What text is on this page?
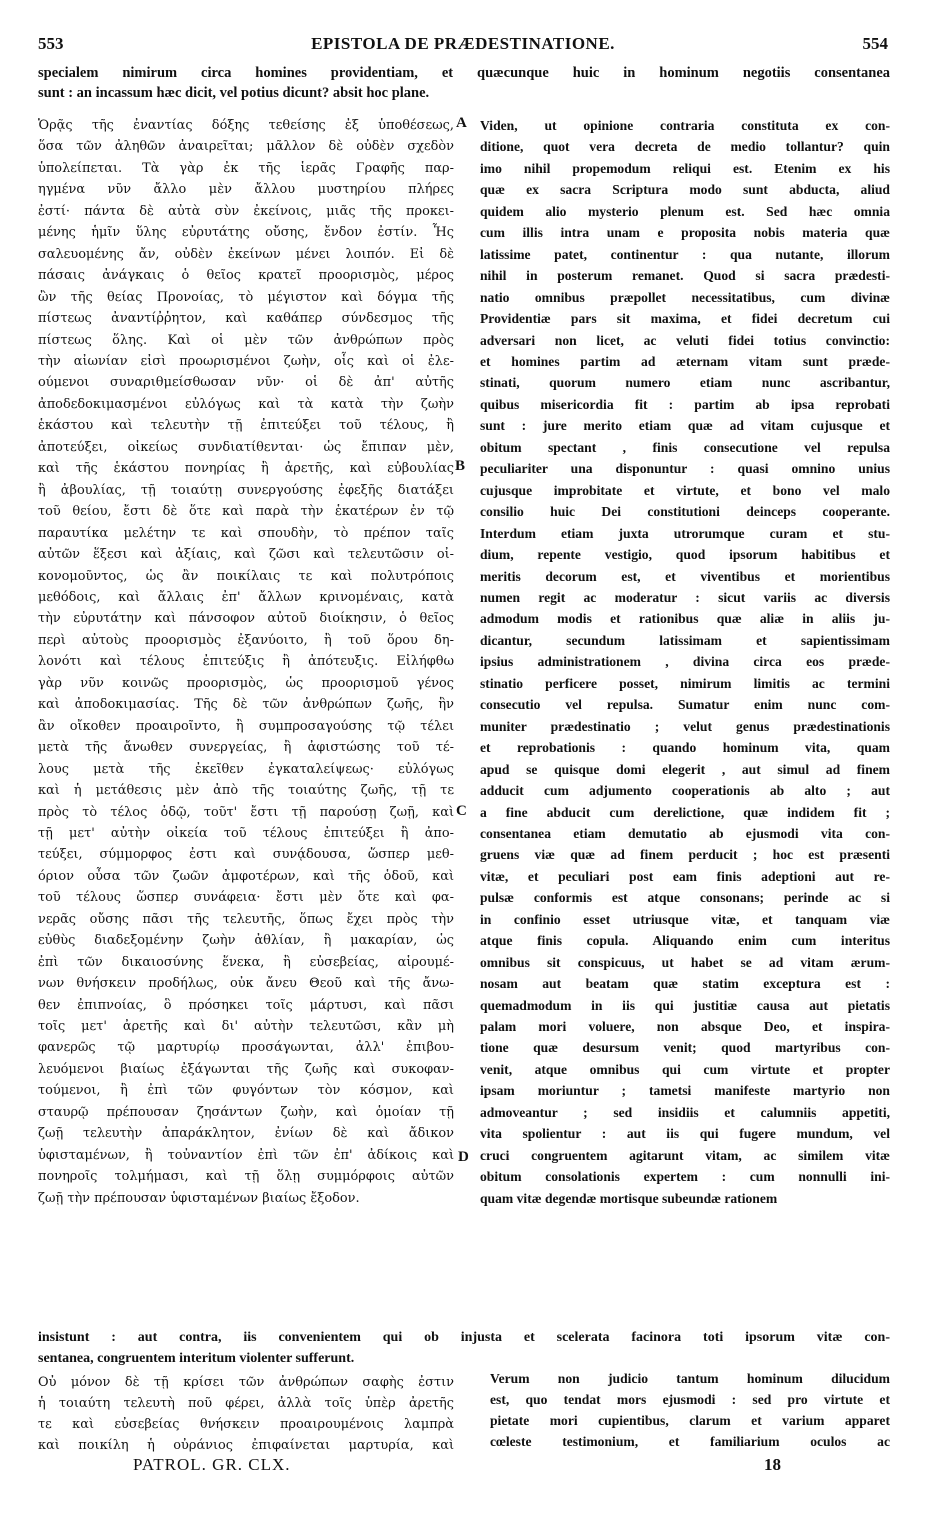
553	EPISTOLA DE PRÆDESTINATIONE.	554
specialem nimirum circa homines providentiam, et quæcunque huic in hominum negotiis consentanea
sunt : an incassum hæc dicit, vel potius dicunt? absit hoc plane.
Ὁρᾷς τῆς ἐναντίας δόξης τεθείσης ἐξ ὑποθέσεως,
ὅσα τῶν ἀληθῶν ἀναιρεῖται; μᾶλλον δὲ οὐδὲν σχεδὸν
ὑπολείπεται. Τὰ γὰρ ἐκ τῆς ἱερᾶς Γραφῆς παρ-
ηγμένα νῦν ἄλλο μὲν ἄλλου μυστηρίου πλήρες
ἐστί· πάντα δὲ αὐτὰ σὺν ἐκείνοις, μιᾶς τῆς προκει-
μένης ἡμῖν ὕλης εὐρυτάτης οὔσης, ἔνδον ἐστίν. Ἧς
σαλευομένης ἄν, οὐδὲν ἐκείνων μένει λοιπόν. Εἰ δὲ
πάσαις ἀνάγκαις ὁ θεῖος κρατεῖ προορισμὸς, μέρος
ὢν τῆς θείας Προνοίας, τὸ μέγιστον καὶ δόγμα τῆς
πίστεως ἀναντίῤῥητον, καὶ καθάπερ σύνδεσμος τῆς
πίστεως ὅλης. Καὶ οἱ μὲν τῶν ἀνθρώπων πρὸς
τὴν αἰωνίαν εἰσὶ προωρισμένοι ζωὴν, οἷς καὶ οἱ ἐλε-
ούμενοι συναριθμείσθωσαν νῦν· οἱ δὲ ἀπ' αὐτῆς
ἀποδεδοκιμασμένοι εὐλόγως καὶ τὰ κατὰ τὴν ζωὴν
ἑκάστου καὶ τελευτὴν τῇ ἐπιτεύξει τοῦ τέλους, ἢ
ἀποτεύξει, οἰκείως συνδιατίθενται· ὡς ἔπιπαν μὲν,
καὶ τῆς ἑκάστου πονηρίας ἢ ἀρετῆς, καὶ εὐβουλίας
ἢ ἀβουλίας, τῇ τοιαύτῃ συνεργούσης ἐφεξῆς διατάξει
τοῦ θείου, ἔστι δὲ ὅτε καὶ παρὰ τὴν ἑκατέρων ἐν τῷ
παραυτίκα μελέτην τε καὶ σπουδὴν, τὸ πρέπον ταῖς
αὐτῶν ἕξεσι καὶ ἀξίαις, καὶ ζῶσι καὶ τελευτῶσιν οἰ-
κονομοῦντος, ὡς ἂν ποικίλαις τε καὶ πολυτρόποις
μεθόδοις, καὶ ἄλλαις ἐπ' ἄλλων κρινομέναις, κατὰ
τὴν εὐρυτάτην καὶ πάνσοφον αὐτοῦ διοίκησιν, ὁ θεῖος
περὶ αὐτοὺς προορισμὸς ἐξανύοιτο, ἢ τοῦ ὅρου δη-
λονότι καὶ τέλους ἐπιτεύξις ἢ ἀπότευξις. Εἰλήφθω
γὰρ νῦν κοινῶς προορισμὸς, ὡς προορισμοῦ γένος
καὶ ἀποδοκιμασίας. Τῆς δὲ τῶν ἀνθρώπων ζωῆς, ἣν
ἂν οἴκοθεν προαιροῖντο, ἢ συμπροσαγούσης τῷ τέλει
μετὰ τῆς ἄνωθεν συνεργείας, ἢ ἀφιστώσης τοῦ τέ-
λους μετὰ τῆς ἐκεῖθεν ἐγκαταλείψεως· εὐλόγως
καὶ ἡ μετάθεσις μὲν ἀπὸ τῆς τοιαύτης ζωῆς, τῇ τε
πρὸς τὸ τέλος ὁδῷ, τοῦτ' ἔστι τῇ παρούσῃ ζωῇ, καὶ
τῇ μετ' αὐτὴν οἰκεία τοῦ τέλους ἐπιτεύξει ἢ ἀπο-
τεύξει, σύμμορφος ἐστι καὶ συνᾴδουσα, ὥσπερ μεθ-
όριον οὖσα τῶν ζωῶν ἀμφοτέρων, καὶ τῆς ὁδοῦ, καὶ
τοῦ τέλους ὥσπερ συνάφεια· ἔστι μὲν ὅτε καὶ φα-
νερᾶς οὔσης πᾶσι τῆς τελευτῆς, ὅπως ἔχει πρὸς τὴν
εὐθὺς διαδεξομένην ζωὴν ἀθλίαν, ἢ μακαρίαν, ὡς
ἐπὶ τῶν δικαιοσύνης ἕνεκα, ἢ εὐσεβείας, αἱρουμέ-
νων θνήσκειν προδήλως, οὐκ ἄνευ Θεοῦ καὶ τῆς ἄνω-
θεν ἐπιπνοίας, ὃ πρόσηκει τοῖς μάρτυσι, καὶ πᾶσι
τοῖς μετ' ἀρετῆς καὶ δι' αὐτὴν τελευτῶσι, κἂν μὴ
φανερῶς τῷ μαρτυρίῳ προσάγωνται, ἀλλ' ἐπιβου-
λευόμενοι βιαίως ἐξάγωνται τῆς ζωῆς καὶ συκοφαν-
τούμενοι, ἢ ἐπὶ τῶν φυγόντων τὸν κόσμον, καὶ
σταυρῷ πρέπουσαν ζησάντων ζωὴν, καὶ ὁμοίαν τῇ
ζωῇ τελευτὴν ἀπαράκλητον, ἐνίων δὲ καὶ ἄδικον
ὑφισταμένων, ἢ τοὐναντίον ἐπὶ τῶν ἐπ' ἀδίκοις καὶ
πονηροῖς τολμήμασι, καὶ τῇ ὅλῃ συμμόρφοις αὐτῶν
ζωῇ τὴν πρέπουσαν ὑφισταμένων βιαίως ἔξοδον.
Viden, ut opinione contraria constituta ex con-
ditione, quot vera decreta de medio tollantur? quin
imo nihil propemodum reliqui est. Etenim ex his
quæ ex sacra Scriptura modo sunt abducta, aliud
quidem alio mysterio plenum est. Sed hæc omnia
cum illis intra unam e proposita nobis materia quæ
latissime patet, continentur : qua nutante, illorum
nihil in posterum remanet. Quod si sacra prædesti-
natio omnibus præpollet necessitatibus, cum divinæ
Providentiæ pars sit maxima, et fidei decretum cui
adversari non licet, ac veluti fidei totius convinctio:
et homines partim ad æternam vitam sunt præde-
stinati, quorum numero etiam nunc ascribantur,
quibus misericordia fit : partim ab ipsa reprobati
sunt : jure merito etiam quæ ad vitam cujusque et
obitum spectant , finis consecutione vel repulsa
peculiariter una disponuntur : quasi omnino unius
cujusque improbitate et virtute, et bono vel malo
consilio huic Dei constitutioni deinceps cooperante.
Interdum etiam juxta utrorumque curam et stu-
dium, repente vestigio, quod ipsorum habitibus et
meritis decorum est, et viventibus et morientibus
numen regit ac moderatur : sicut variis ac diversis
admodum modis et rationibus quæ aliæ in aliis ju-
dicantur, secundum latissimam et sapientissimam
ipsius administrationem , divina circa eos præde-
stinatio perficere posset, nimirum limitis ac termini
consecutio vel repulsa. Sumatur enim nunc com-
muniter prædestinatio ; velut genus prædestinationis
et reprobationis : quando hominum vita, quam
apud se quisque domi elegerit , aut simul ad finem
adducit cum adjumento cooperationis ab alto ; aut
a fine abducit cum derelictione, quæ indidem fit ;
consentanea etiam demutatio ab ejusmodi vita con-
gruens viæ quæ ad finem perducit ; hoc est præsenti
vitæ, et peculiari post eam finis adeptioni aut re-
pulsæ conformis est atque consonans; perinde ac si
in confinio esset utriusque vitæ, et tanquam viæ
atque finis copula. Aliquando enim cum interitus
omnibus sit conspicuus, ut habet se ad vitam ærum-
nosam aut beatam quæ statim exceptura est :
quemadmodum in iis qui justitiæ causa aut pietatis
palam mori voluere, non absque Deo, et inspira-
tione quæ desursum venit; quod martyribus con-
venit, atque omnibus qui cum virtute et propter
ipsam moriuntur ; tametsi manifeste martyrio non
admoveantur ; sed insidiis et calumniis appetiti,
vita spolientur : aut iis qui fugere mundum, vel
cruci congruentem agitarunt vitam, ac similem vitæ
obitum consolationis expertem : cum nonnulli ini-
quam vitæ degendæ mortisque subeundæ rationem
A
B
C
D
insistunt : aut contra, iis convenientem qui ob injusta et scelerata facinora toti ipsorum vitæ con-
sentanea, congruentem interitum violenter sufferunt.
Οὐ μόνον δὲ τῇ κρίσει τῶν ἀνθρώπων σαφὴς ἐστιν
ἡ τοιαύτη τελευτὴ ποῦ φέρει, ἀλλὰ τοῖς ὑπὲρ ἀρετῆς
τε καὶ εὐσεβείας θνήσκειν προαιρουμένοις λαμπρὰ
καὶ ποικίλη ἡ οὐράνιος ἐπιφαίνεται μαρτυρία, καὶ
Verum non judicio tantum hominum dilucidum
est, quo tendat mors ejusmodi : sed pro virtute et
pietate mori cupientibus, clarum et varium apparet
cœleste testimonium, et familiarium oculos ac
PATROL. GR. CLX.	18
